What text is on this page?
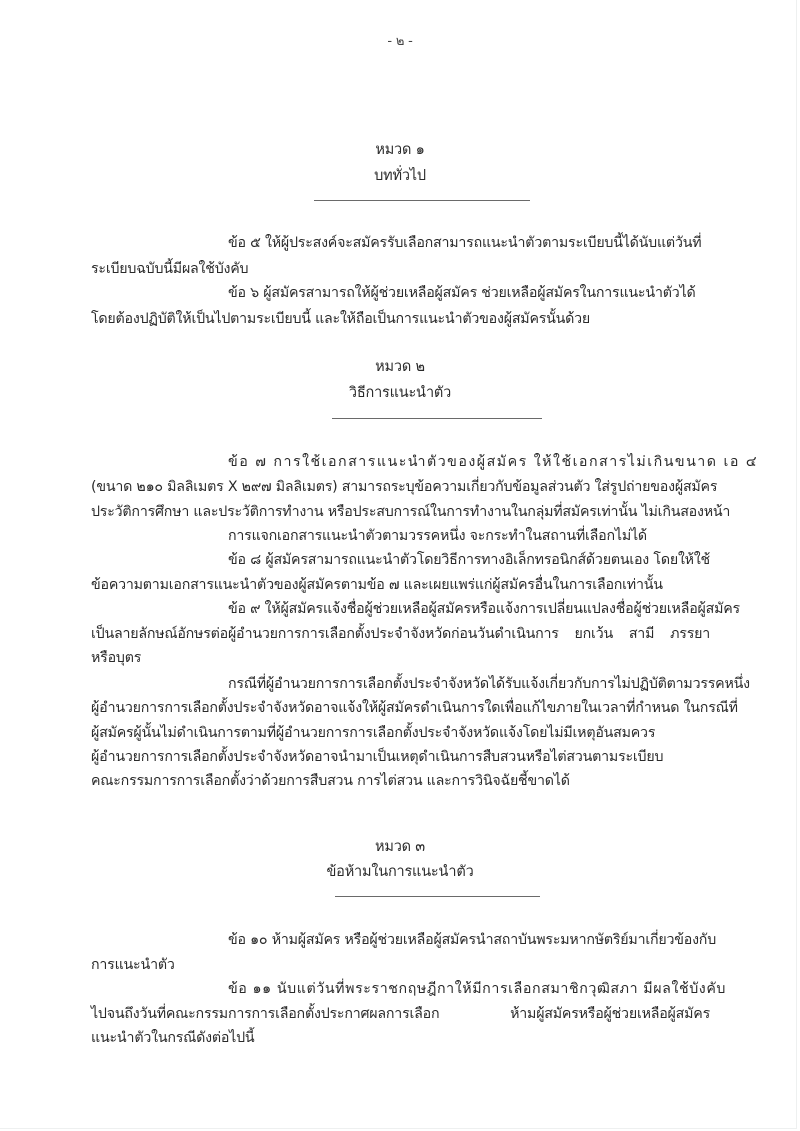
- ๒ -
หมวด ๑
บททั่วไป
ข้อ ๕ ให้ผู้ประสงค์จะสมัครรับเลือกสามารถแนะนำตัวตามระเบียบนี้ได้นับแต่วันที่
ระเบียบฉบับนี้มีผลใช้บังคับ
ข้อ ๖ ผู้สมัครสามารถให้ผู้ช่วยเหลือผู้สมัคร ช่วยเหลือผู้สมัครในการแนะนำตัวได้
โดยต้องปฏิบัติให้เป็นไปตามระเบียบนี้ และให้ถือเป็นการแนะนำตัวของผู้สมัครนั้นด้วย
หมวด ๒
วิธีการแนะนำตัว
ข้อ ๗ การใช้เอกสารแนะนำตัวของผู้สมัคร ให้ใช้เอกสารไม่เกินขนาด เอ ๔
(ขนาด ๒๑๐ มิลลิเมตร X ๒๙๗ มิลลิเมตร) สามารถระบุข้อความเกี่ยวกับข้อมูลส่วนตัว ใส่รูปถ่ายของผู้สมัคร
ประวัติการศึกษา และประวัติการทำงาน หรือประสบการณ์ในการทำงานในกลุ่มที่สมัครเท่านั้น ไม่เกินสองหน้า
การแจกเอกสารแนะนำตัวตามวรรคหนึ่ง จะกระทำในสถานที่เลือกไม่ได้
ข้อ ๘ ผู้สมัครสามารถแนะนำตัวโดยวิธีการทางอิเล็กทรอนิกส์ด้วยตนเอง โดยให้ใช้
ข้อความตามเอกสารแนะนำตัวของผู้สมัครตามข้อ ๗ และเผยแพร่แก่ผู้สมัครอื่นในการเลือกเท่านั้น
ข้อ ๙ ให้ผู้สมัครแจ้งชื่อผู้ช่วยเหลือผู้สมัครหรือแจ้งการเปลี่ยนแปลงชื่อผู้ช่วยเหลือผู้สมัคร
เป็นลายลักษณ์อักษรต่อผู้อำนวยการการเลือกตั้งประจำจังหวัดก่อนวันดำเนินการ ยกเว้น สามี ภรรยา
หรือบุตร
กรณีที่ผู้อำนวยการการเลือกตั้งประจำจังหวัดได้รับแจ้งเกี่ยวกับการไม่ปฏิบัติตามวรรคหนึ่ง
ผู้อำนวยการการเลือกตั้งประจำจังหวัดอาจแจ้งให้ผู้สมัครดำเนินการใดเพื่อแก้ไขภายในเวลาที่กำหนด ในกรณีที่
ผู้สมัครผู้นั้นไม่ดำเนินการตามที่ผู้อำนวยการการเลือกตั้งประจำจังหวัดแจ้งโดยไม่มีเหตุอันสมควร
ผู้อำนวยการการเลือกตั้งประจำจังหวัดอาจนำมาเป็นเหตุดำเนินการสืบสวนหรือไต่สวนตามระเบียบ
คณะกรรมการการเลือกตั้งว่าด้วยการสืบสวน การไต่สวน และการวินิจฉัยชี้ขาดได้
หมวด ๓
ข้อห้ามในการแนะนำตัว
ข้อ ๑๐ ห้ามผู้สมัคร หรือผู้ช่วยเหลือผู้สมัครนำสถาบันพระมหากษัตริย์มาเกี่ยวข้องกับ
การแนะนำตัว
ข้อ ๑๑ นับแต่วันที่พระราชกฤษฎีกาให้มีการเลือกสมาชิกวุฒิสภา มีผลใช้บังคับ
ไปจนถึงวันที่คณะกรรมการการเลือกตั้งประกาศผลการเลือก ห้ามผู้สมัครหรือผู้ช่วยเหลือผู้สมัคร
แนะนำตัวในกรณีดังต่อไปนี้
